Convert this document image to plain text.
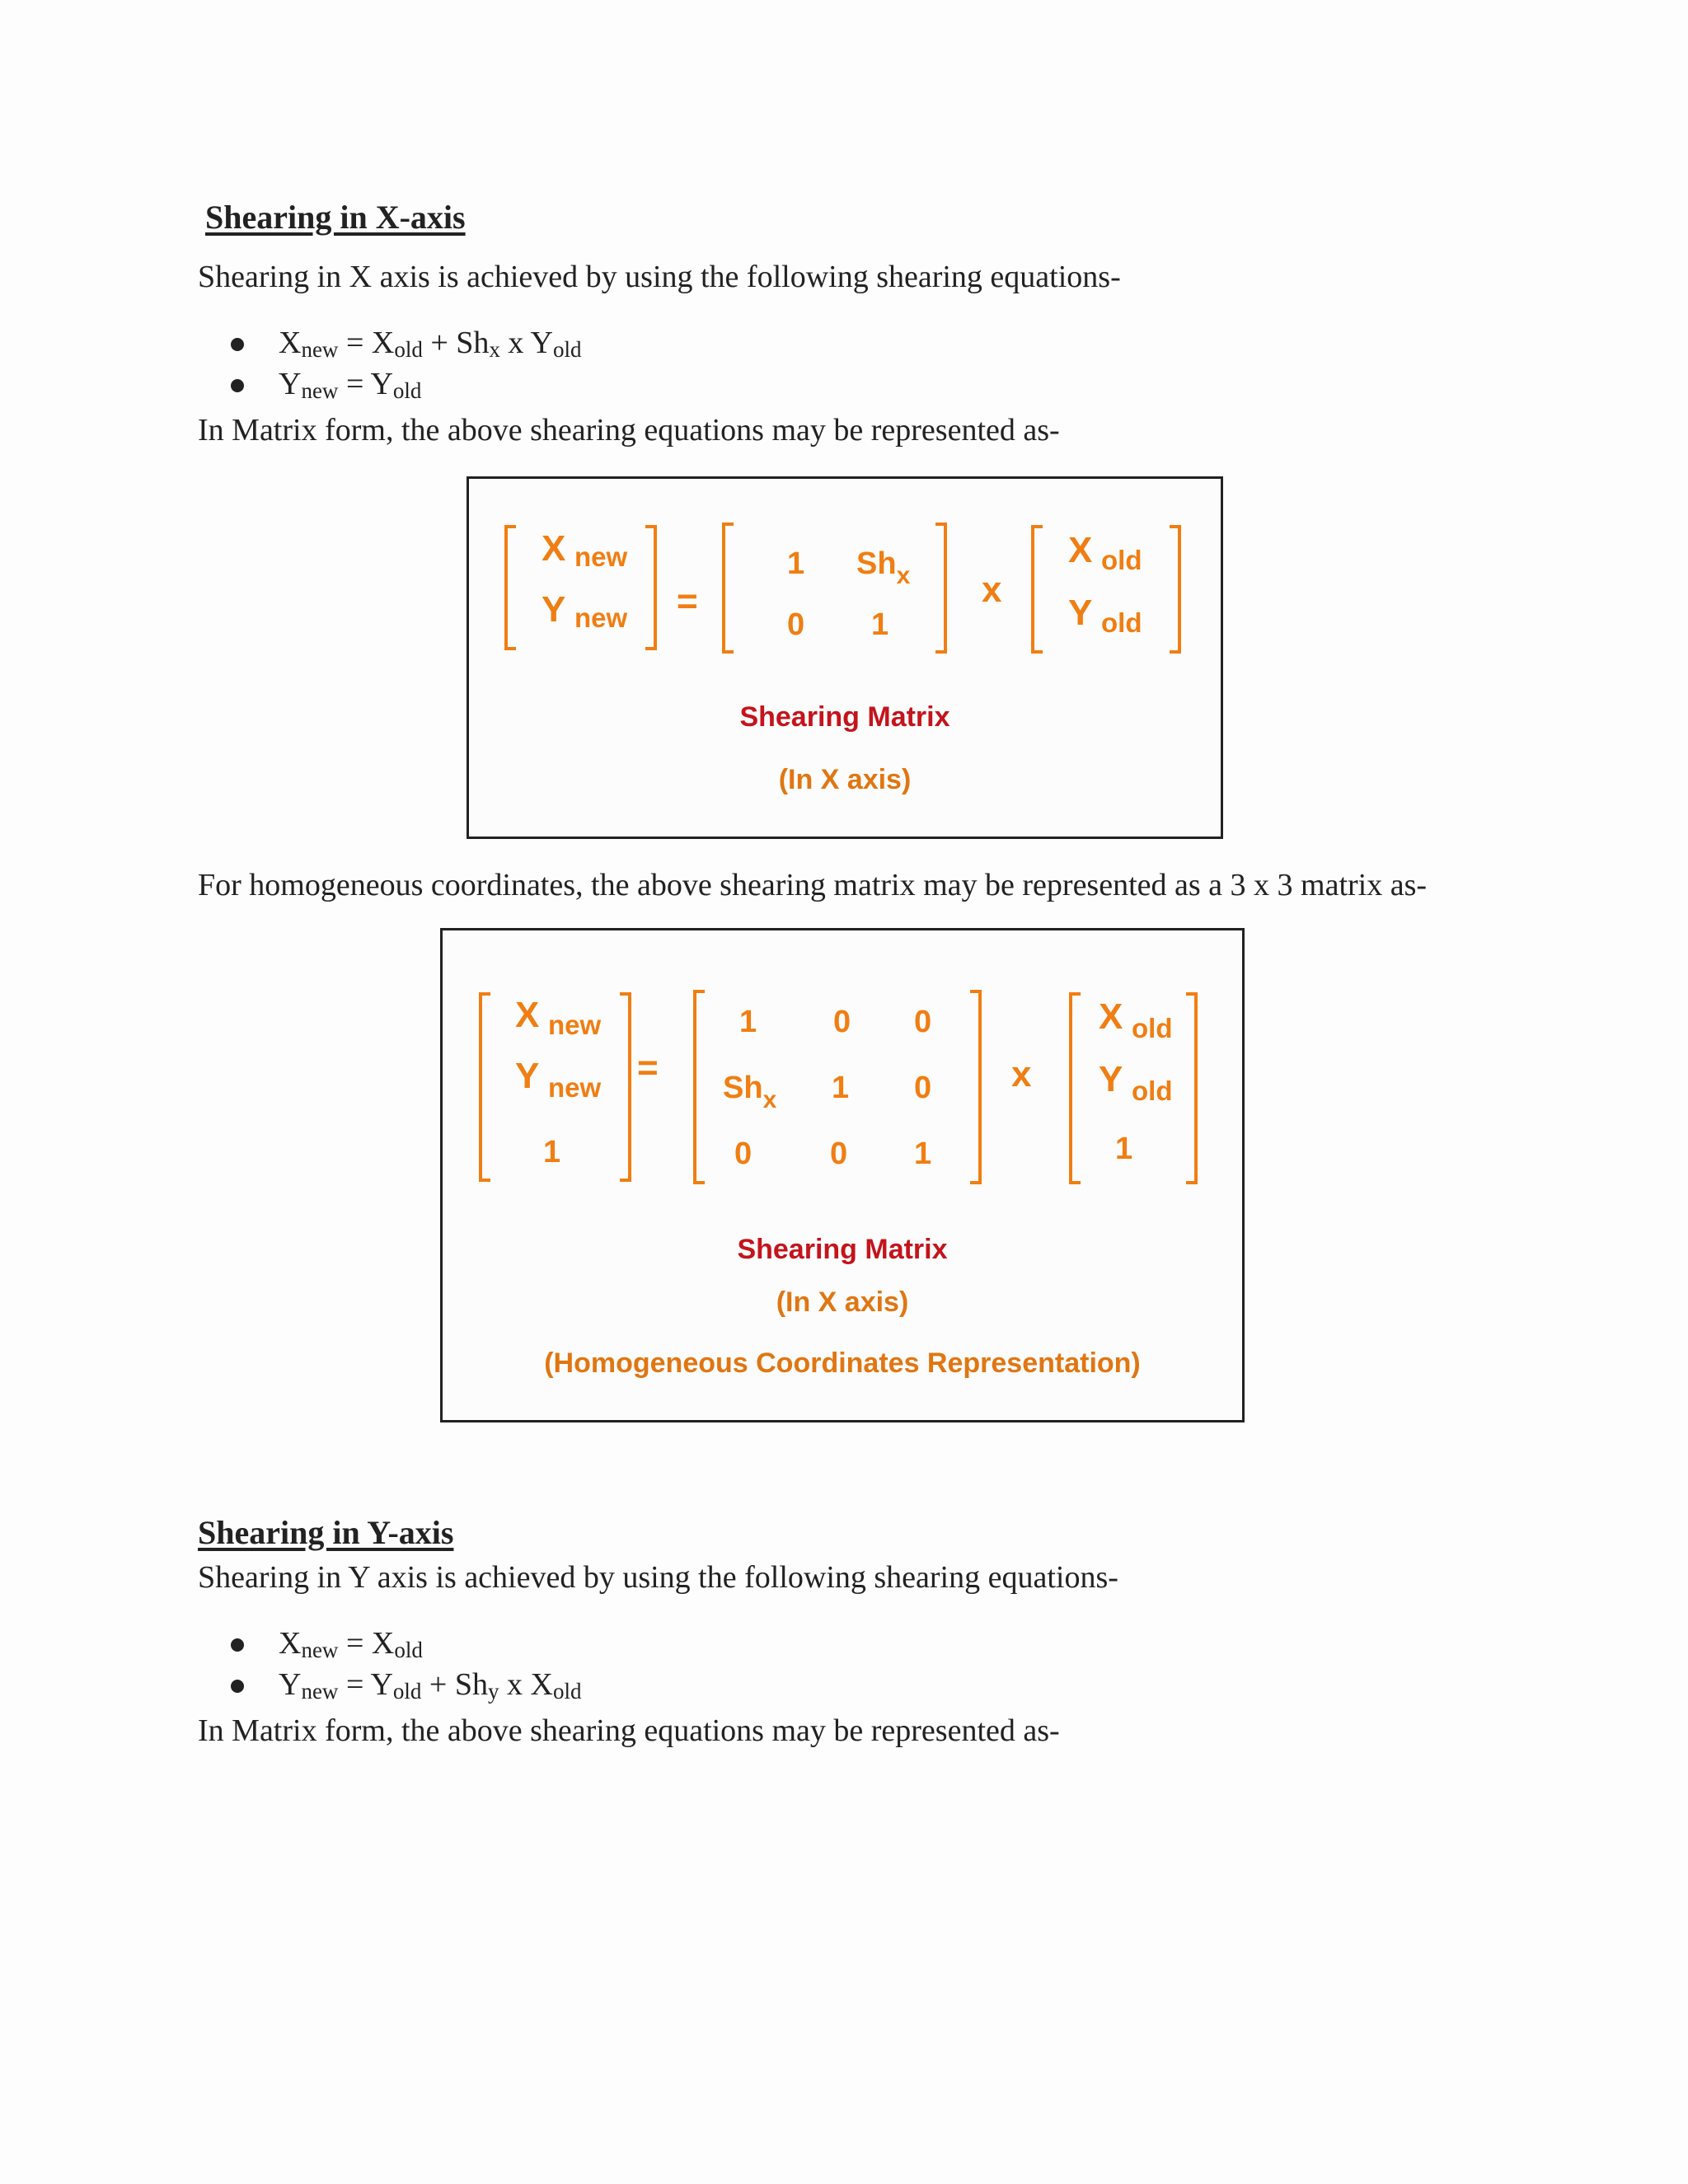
Shearing in X-axis
Shearing in X axis is achieved by using the following shearing equations-
$X_{new} = X_{old} + Sh_x$ x $Y_{old}$
$Y_{new} = Y_{old}$
In Matrix form, the above shearing equations may be represented as-
X new
Y new =
1 $Sh_x$
0 1
x
X old
Y old
Shearing Matrix
(In X axis)
For homogeneous coordinates, the above shearing matrix may be represented as a 3 x 3 matrix as-
X new
Y new
1
=
1 0 0
$Sh_x$ 1 0
0 0 1
x
X old
Y old
1
Shearing Matrix
(In X axis)
(Homogeneous Coordinates Representation)
Shearing in Y-axis
Shearing in Y axis is achieved by using the following shearing equations-
$X_{new} = X_{old}$
$Y_{new} = Y_{old} + Sh_y$ x $X_{old}$
In Matrix form, the above shearing equations may be represented as-
